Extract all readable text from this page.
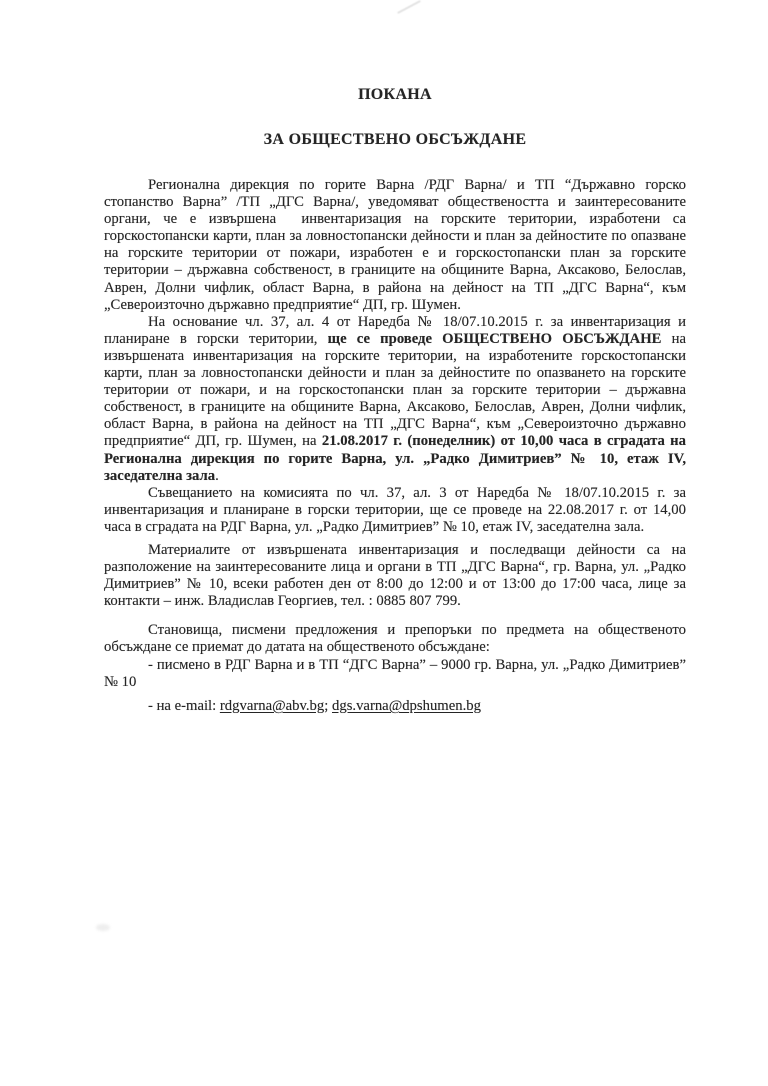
ПОКАНА
ЗА ОБЩЕСТВЕНО ОБСЪЖДАНЕ

Регионална дирекция по горите Варна /РДГ Варна/ и ТП “Държавно горско стопанство Варна” /ТП „ДГС Варна/, уведомяват обществеността и заинтересованите органи, че е извършена  инвентаризация на горските територии, изработени са горскостопански карти, план за ловностопански дейности и план за дейностите по опазване на горските територии от пожари, изработен е и горскостопански план за горските територии – държавна собственост, в границите на общините Варна, Аксаково, Белослав, Аврен, Долни чифлик, област Варна, в района на дейност на ТП „ДГС Варна“, към „Североизточно държавно предприятие“ ДП, гр. Шумен.

На основание чл. 37, ал. 4 от Наредба № 18/07.10.2015 г. за инвентаризация и планиране в горски територии, ще се проведе ОБЩЕСТВЕНО ОБСЪЖДАНЕ на извършената инвентаризация на горските територии, на изработените горскостопански карти, план за ловностопански дейности и план за дейностите по опазването на горските територии от пожари, и на горскостопански план за горските територии – държавна собственост, в границите на общините Варна, Аксаково, Белослав, Аврен, Долни чифлик, област Варна, в района на дейност на ТП „ДГС Варна“, към „Североизточно държавно предприятие“ ДП, гр. Шумен, на 21.08.2017 г. (понеделник) от 10,00 часа в сградата на Регионална дирекция по горите Варна, ул. „Радко Димитриев” № 10, етаж IV, заседателна зала.

Съвещанието на комисията по чл. 37, ал. 3 от Наредба № 18/07.10.2015 г. за инвентаризация и планиране в горски територии, ще се проведе на 22.08.2017 г. от 14,00 часа в сградата на РДГ Варна, ул. „Радко Димитриев” № 10, етаж IV, заседателна зала.

Материалите от извършената инвентаризация и последващи дейности са на разположение на заинтересованите лица и органи в ТП „ДГС Варна“, гр. Варна, ул. „Радко Димитриев” № 10, всеки работен ден от 8:00 до 12:00 и от 13:00 до 17:00 часа, лице за контакти – инж. Владислав Георгиев, тел. : 0885 807 799.

Становища, писмени предложения и препоръки по предмета на общественото обсъждане се приемат до датата на общественото обсъждане:

- писмено в РДГ Варна и в ТП “ДГС Варна” – 9000 гр. Варна, ул. „Радко Димитриев” № 10

- на e-mail: rdgvarna@abv.bg; dgs.varna@dpshumen.bg
